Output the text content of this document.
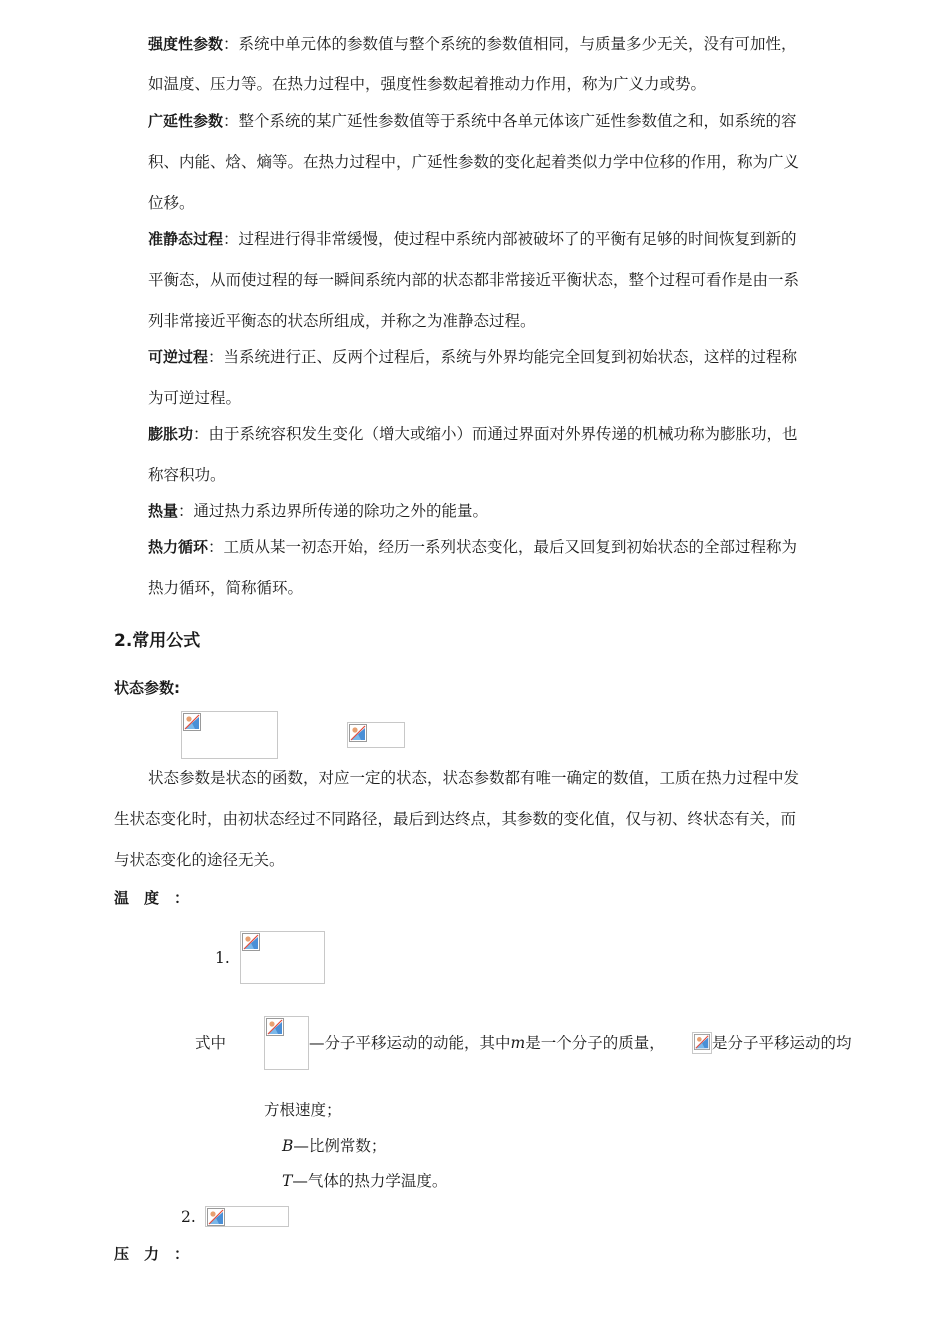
强度性参数：系统中单元体的参数值与整个系统的参数值相同，与质量多少无关，没有可加性，
如温度、压力等。在热力过程中，强度性参数起着推动力作用，称为广义力或势。
广延性参数：整个系统的某广延性参数值等于系统中各单元体该广延性参数值之和，如系统的容
积、内能、焓、熵等。在热力过程中，广延性参数的变化起着类似力学中位移的作用，称为广义
位移。
准静态过程：过程进行得非常缓慢，使过程中系统内部被破坏了的平衡有足够的时间恢复到新的
平衡态，从而使过程的每一瞬间系统内部的状态都非常接近平衡状态，整个过程可看作是由一系
列非常接近平衡态的状态所组成，并称之为准静态过程。
可逆过程：当系统进行正、反两个过程后，系统与外界均能完全回复到初始状态，这样的过程称
为可逆过程。
膨胀功：由于系统容积发生变化（增大或缩小）而通过界面对外界传递的机械功称为膨胀功，也
称容积功。
热量：通过热力系边界所传递的除功之外的能量。
热力循环：工质从某一初态开始，经历一系列状态变化，最后又回复到初始状态的全部过程称为
热力循环，简称循环。
2.常用公式
状态参数:
状态参数是状态的函数，对应一定的状态，状态参数都有唯一确定的数值，工质在热力过程中发
生状态变化时，由初状态经过不同路径，最后到达终点，其参数的变化值，仅与初、终状态有关，而
与状态变化的途径无关。
温　度　：
1.
式中	—分子平移运动的动能，其中m是一个分子的质量，	是分子平移运动的均
方根速度；
B—比例常数；
T—气体的热力学温度。
2.
压　力　：
